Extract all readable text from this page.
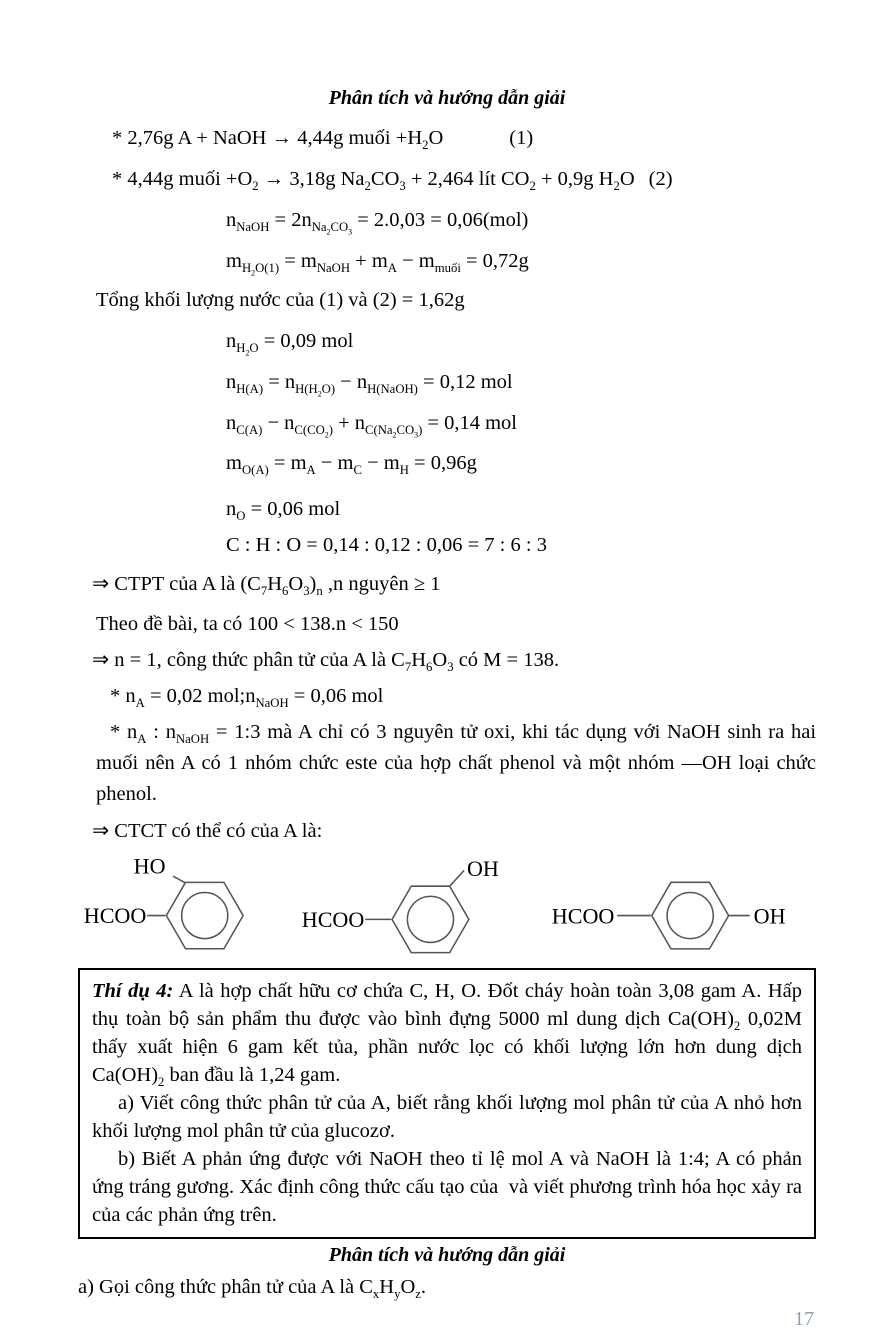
Phân tích và hướng dẫn giải

* 2,76g A + NaOH → 4,44g muối $+H_2O$	(1)
* 4,44g muối $+O_2 \to 3,18g$ $Na_2CO_3 + 2,464$ lít $CO_2 + 0,9g$ $H_2O$ (2)
$n_{NaOH} = 2n_{Na_2CO_3} = 2.0,03 = 0,06(mol)$
$m_{H_2O(1)} = m_{NaOH} + m_A - m_{muối} = 0,72g$
Tổng khối lượng nước của (1) và (2) = 1,62g
$n_{H_2O} = 0,09$ mol
$n_{H(A)} = n_{H(H_2O)} - n_{H(NaOH)} = 0,12$ mol
$n_{C(A)} - n_{C(CO_2)} + n_{C(Na_2CO_3)} = 0,14$ mol
$m_{O(A)} = m_A - m_C - m_H = 0,96g$
$n_O = 0,06$ mol
C : H : O = 0,14 : 0,12 : 0,06 = 7 : 6 : 3
⇒ CTPT của A là $(C_7H_6O_3)_n$ ,n nguyên ≥ 1
Theo đề bài, ta có 100 < 138.n < 150
⇒ n = 1, công thức phân tử của A là $C_7H_6O_3$ có M = 138.
* $n_A = 0,02$ $mol;n_{NaOH} = 0,06$ mol
* $n_A$ : $n_{NaOH}$ = 1:3 mà A chỉ có 3 nguyên tử oxi, khi tác dụng với NaOH sinh ra hai muối nên A có 1 nhóm chức este của hợp chất phenol và một nhóm —OH loại chức phenol.
⇒ CTCT có thể có của A là:
HCOO
HO
HCOO
OH
HCOO	OH

Thí dụ 4: A là hợp chất hữu cơ chứa C, H, O. Đốt cháy hoàn toàn 3,08 gam A. Hấp thụ toàn bộ sản phẩm thu được vào bình đựng 5000 ml dung dịch $Ca(OH)_2$ 0,02M thấy xuất hiện 6 gam kết tủa, phần nước lọc có khối lượng lớn hơn dung dịch $Ca(OH)_2$ ban đầu là 1,24 gam.

a) Viết công thức phân tử của A, biết rằng khối lượng mol phân tử của A nhỏ hơn khối lượng mol phân tử của glucozơ.

b) Biết A phản ứng được với NaOH theo tỉ lệ mol A và NaOH là 1:4; A có phản ứng tráng gương. Xác định công thức cấu tạo của  và viết phương trình hóa học xảy ra của các phản ứng trên.

Phân tích và hướng dẫn giải

a) Gọi công thức phân tử của A là $C_xH_yO_z$.
17
